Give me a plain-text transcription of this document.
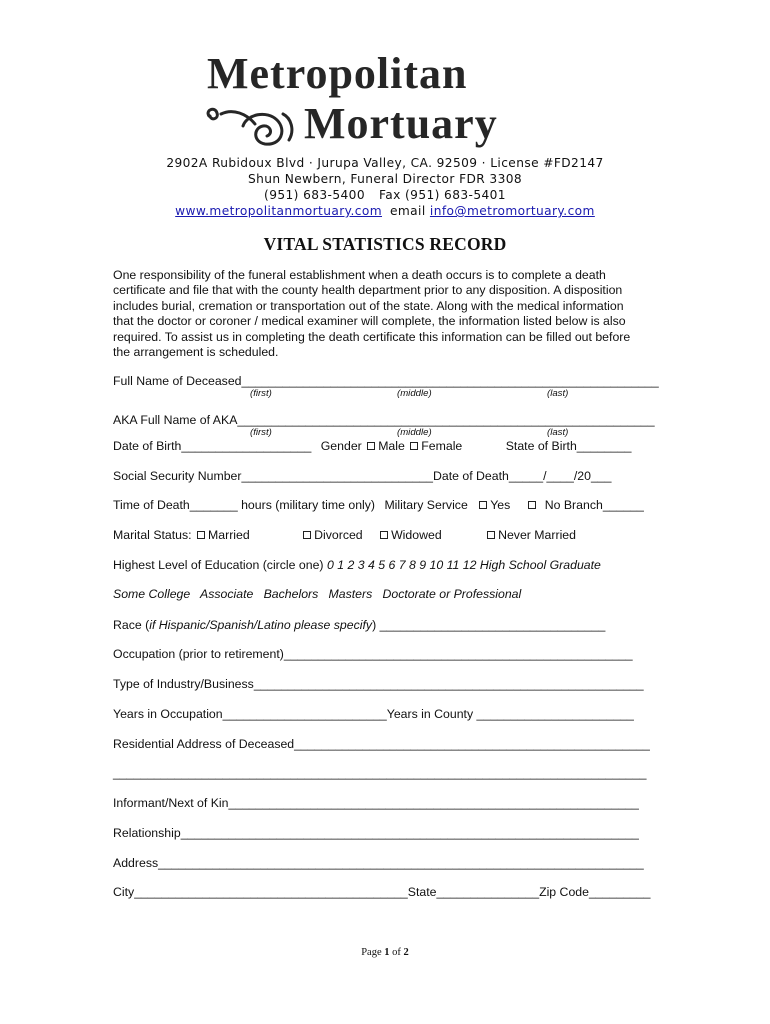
Metropolitan
Mortuary
2902A Rubidoux Blvd · Jurupa Valley, CA. 92509 · License #FD2147
Shun Newbern, Funeral Director FDR 3308
(951) 683-5400 Fax (951) 683-5401
www.metropolitanmortuary.com email info@metromortuary.com
VITAL STATISTICS RECORD
One responsibility of the funeral establishment when a death occurs is to complete a death
certificate and file that with the county health department prior to any disposition. A disposition
includes burial, cremation or transportation out of the state. Along with the medical information
that the doctor or coroner / medical examiner will complete, the information listed below is also
required. To assist us in completing the death certificate this information can be filled out before
the arrangement is scheduled.
Full Name of Deceased_____________________________________________________________
(first)	(middle)	(last)
AKA Full Name of AKA_____________________________________________________________
(first)	(middle)	(last)
Date of Birth___________________ Gender Male Female	State of Birth________
Social Security Number____________________________Date of Death_____/____/20___
Time of Death_______ hours (military time only) Military Service Yes	No Branch______
Marital Status: Married	Divorced Widowed	Never Married
Highest Level of Education (circle one) 0 1 2 3 4 5 6 7 8 9 10 11 12 High School Graduate
Some College   Associate   Bachelors   Masters   Doctorate or Professional
Race (if Hispanic/Spanish/Latino please specify) _________________________________
Occupation (prior to retirement)___________________________________________________
Type of Industry/Business_________________________________________________________
Years in Occupation________________________Years in County _______________________
Residential Address of Deceased____________________________________________________
______________________________________________________________________________
Informant/Next of Kin____________________________________________________________
Relationship___________________________________________________________________
Address_______________________________________________________________________
City________________________________________State_______________Zip Code_________
Page 1 of 2
